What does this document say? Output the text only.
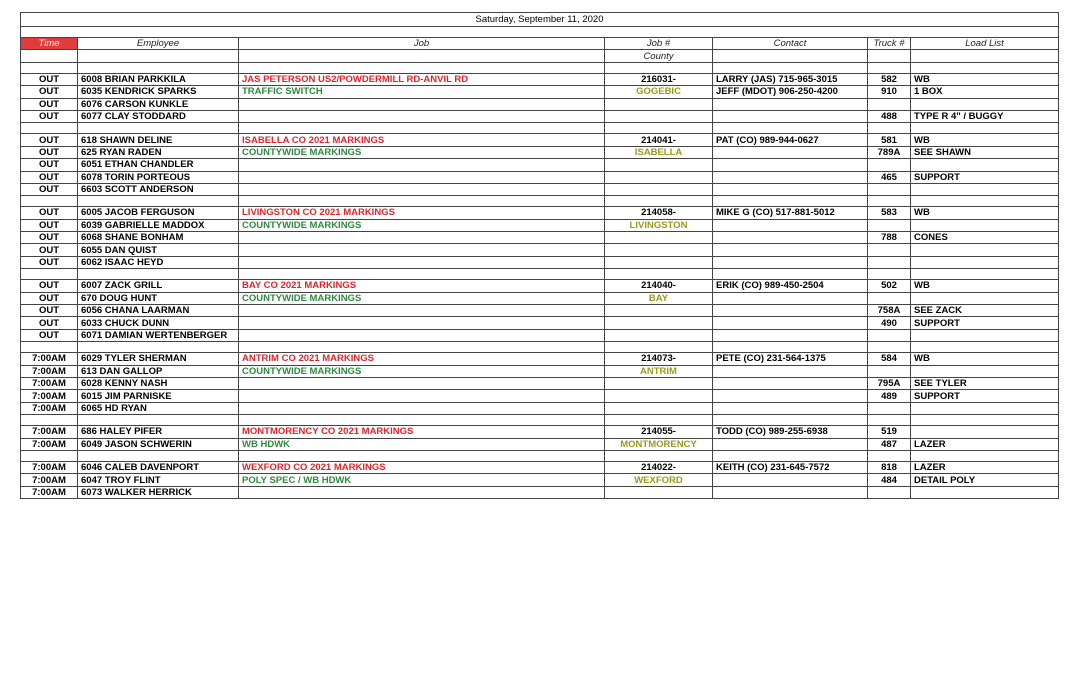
Saturday, September 11, 2020						

Time	Employee	Job	Job #	Contact	Truck #	Load List
			County			

OUT	6008 BRIAN PARKKILA	JAS PETERSON US2/POWDERMILL RD-ANVIL RD	216031-	LARRY (JAS) 715-965-3015	582	WB
OUT	6035 KENDRICK SPARKS	TRAFFIC SWITCH	GOGEBIC	JEFF (MDOT) 906-250-4200	910	1 BOX
OUT	6076 CARSON KUNKLE					
OUT	6077 CLAY STODDARD				488	TYPE R 4" / BUGGY

OUT	618 SHAWN DELINE	ISABELLA CO 2021 MARKINGS	214041-	PAT (CO) 989-944-0627	581	WB
OUT	625 RYAN RADEN	COUNTYWIDE MARKINGS	ISABELLA		789A	SEE SHAWN
OUT	6051 ETHAN CHANDLER					
OUT	6078 TORIN PORTEOUS				465	SUPPORT
OUT	6603 SCOTT ANDERSON					

OUT	6005 JACOB FERGUSON	LIVINGSTON CO 2021 MARKINGS	214058-	MIKE G (CO) 517-881-5012	583	WB
OUT	6039 GABRIELLE MADDOX	COUNTYWIDE MARKINGS	LIVINGSTON			
OUT	6068 SHANE BONHAM				788	CONES
OUT	6055 DAN QUIST					
OUT	6062 ISAAC HEYD					

OUT	6007 ZACK GRILL	BAY CO 2021 MARKINGS	214040-	ERIK (CO) 989-450-2504	502	WB
OUT	670 DOUG HUNT	COUNTYWIDE MARKINGS	BAY			
OUT	6056 CHANA LAARMAN				758A	SEE ZACK
OUT	6033 CHUCK DUNN				490	SUPPORT
OUT	6071 DAMIAN WERTENBERGER					

7:00AM	6029 TYLER SHERMAN	ANTRIM CO 2021 MARKINGS	214073-	PETE (CO) 231-564-1375	584	WB
7:00AM	613 DAN GALLOP	COUNTYWIDE MARKINGS	ANTRIM			
7:00AM	6028 KENNY NASH				795A	SEE TYLER
7:00AM	6015 JIM PARNISKE				489	SUPPORT
7:00AM	6065 HD RYAN					

7:00AM	686 HALEY PIFER	MONTMORENCY CO 2021 MARKINGS	214055-	TODD (CO) 989-255-6938	519	
7:00AM	6049 JASON SCHWERIN	WB HDWK	MONTMORENCY		487	LAZER

7:00AM	6046 CALEB DAVENPORT	WEXFORD CO 2021 MARKINGS	214022-	KEITH (CO) 231-645-7572	818	LAZER
7:00AM	6047 TROY FLINT	POLY SPEC / WB HDWK	WEXFORD		484	DETAIL POLY
7:00AM	6073 WALKER HERRICK					
